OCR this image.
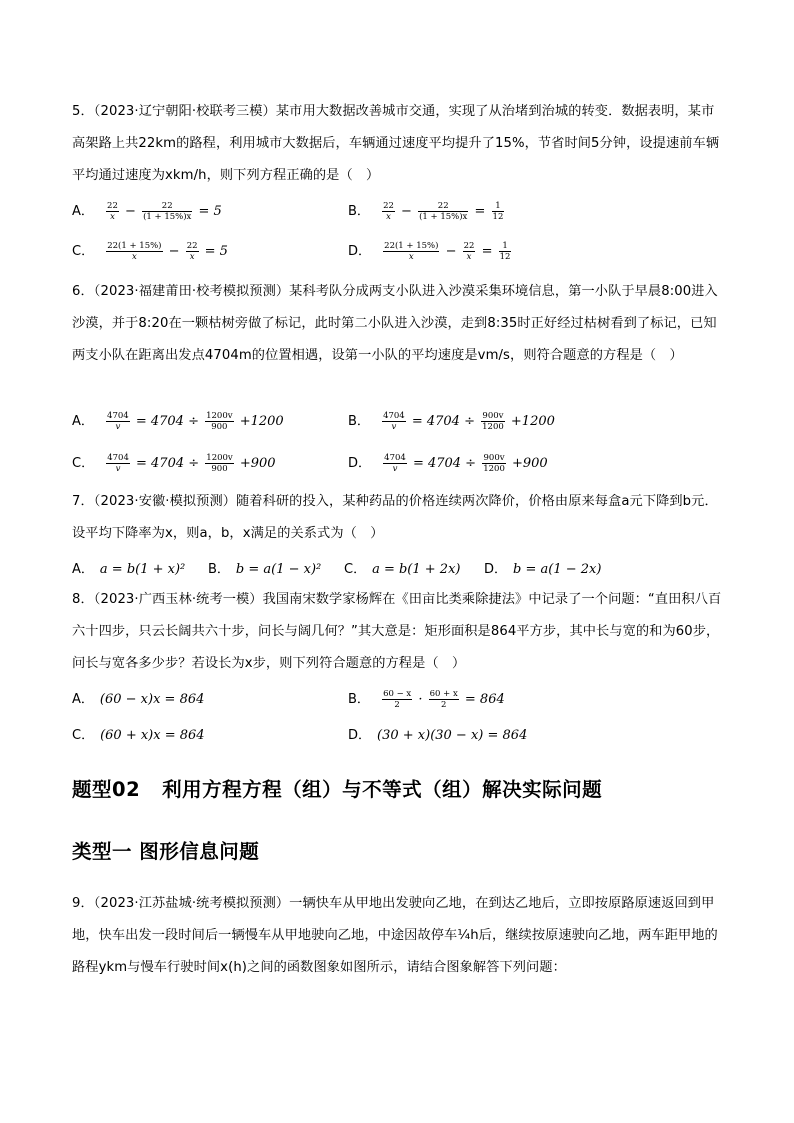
5．（2023·辽宁朝阳·校联考三模）某市用大数据改善城市交通，实现了从治堵到治城的转变．数据表明，某市高架路上共22km的路程，利用城市大数据后，车辆通过速度平均提升了15%，节省时间5分钟，设提速前车辆平均通过速度为xkm/h，则下列方程正确的是（　）
A． $\frac{22}{x} - \frac{22}{(1 + 15\%)x} = 5$	B． $\frac{22}{x} - \frac{22}{(1 + 15\%)x} = \frac{1}{12}$
C． $\frac{22(1 + 15\%)}{x} - \frac{22}{x} = 5$	D． $\frac{22(1 + 15\%)}{x} - \frac{22}{x} = \frac{1}{12}$
6．（2023·福建莆田·校考模拟预测）某科考队分成两支小队进入沙漠采集环境信息，第一小队于早晨8:00进入沙漠，并于8:20在一颗枯树旁做了标记，此时第二小队进入沙漠，走到8:35时正好经过枯树看到了标记，已知两支小队在距离出发点4704m的位置相遇，设第一小队的平均速度是vm/s，则符合题意的方程是（　）
A． $\frac{4704}{v} = 4704 \div \frac{1200v}{900} +1200$	B． $\frac{4704}{v} = 4704 \div \frac{900v}{1200} +1200$
C． $\frac{4704}{v} = 4704 \div \frac{1200v}{900} +900$	D． $\frac{4704}{v} = 4704 \div \frac{900v}{1200} +900$
7．（2023·安徽·模拟预测）随着科研的投入，某种药品的价格连续两次降价，价格由原来每盒a元下降到b元．设平均下降率为x，则a，b，x满足的关系式为（　）
A． a = b(1 + x)² B． b = a(1 − x)² C． a = b(1 + 2x) D． b = a(1 − 2x)
8．（2023·广西玉林·统考一模）我国南宋数学家杨辉在《田亩比类乘除捷法》中记录了一个问题：“直田积八百六十四步，只云长阔共六十步，问长与阔几何？”其大意是：矩形面积是864平方步，其中长与宽的和为60步，问长与宽各多少步？若设长为x步，则下列符合题意的方程是（　）
A． (60 − x)x = 864	B． $\frac{60 - x}{2} \cdot \frac{60 + x}{2} = 864$
C． (60 + x)x = 864	D． (30 + x)(30 − x) = 864
题型02 利用方程方程（组）与不等式（组）解决实际问题
类型一 图形信息问题
9．（2023·江苏盐城·统考模拟预测）一辆快车从甲地出发驶向乙地，在到达乙地后，立即按原路原速返回到甲地，快车出发一段时间后一辆慢车从甲地驶向乙地，中途因故停车¼h后，继续按原速驶向乙地，两车距甲地的路程ykm与慢车行驶时间x(h)之间的函数图象如图所示，请结合图象解答下列问题：
